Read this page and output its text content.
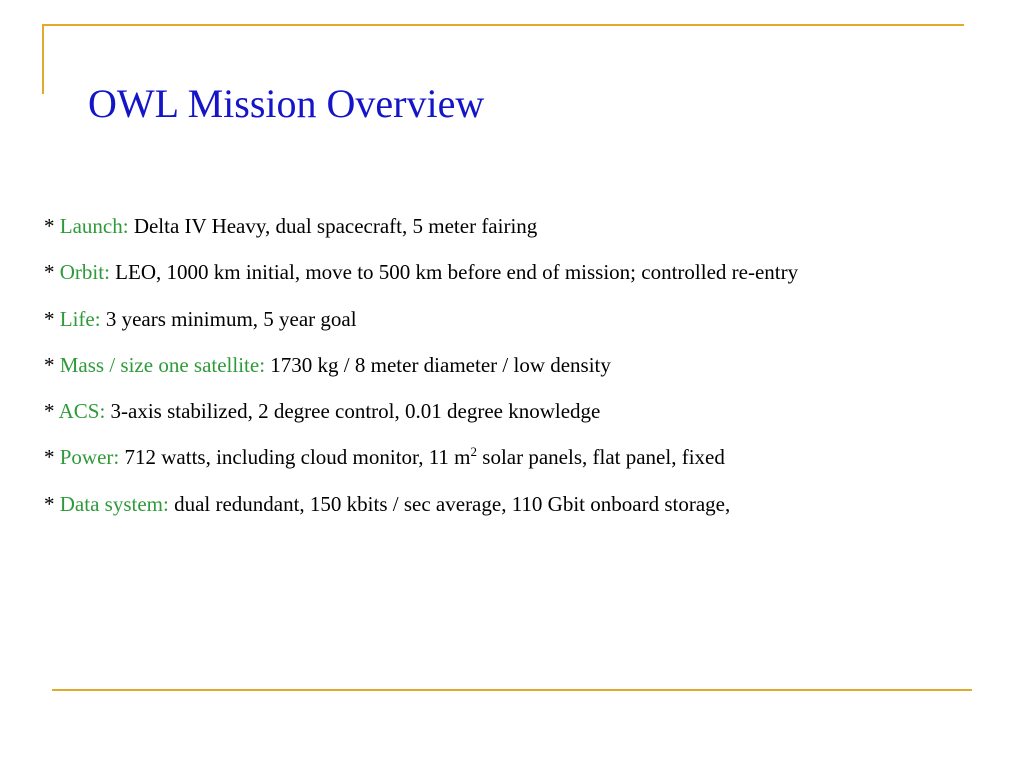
OWL Mission Overview
* Launch: Delta IV Heavy, dual spacecraft, 5 meter fairing
* Orbit: LEO, 1000 km initial, move to 500 km before end of mission; controlled re-entry
* Life: 3 years minimum, 5 year goal
* Mass / size one satellite: 1730 kg / 8 meter diameter / low density
* ACS: 3-axis stabilized, 2 degree control, 0.01 degree knowledge
* Power: 712 watts, including cloud monitor, 11 $m^2$ solar panels, flat panel, fixed
* Data system: dual redundant, 150 kbits / sec average, 110 Gbit onboard storage,
